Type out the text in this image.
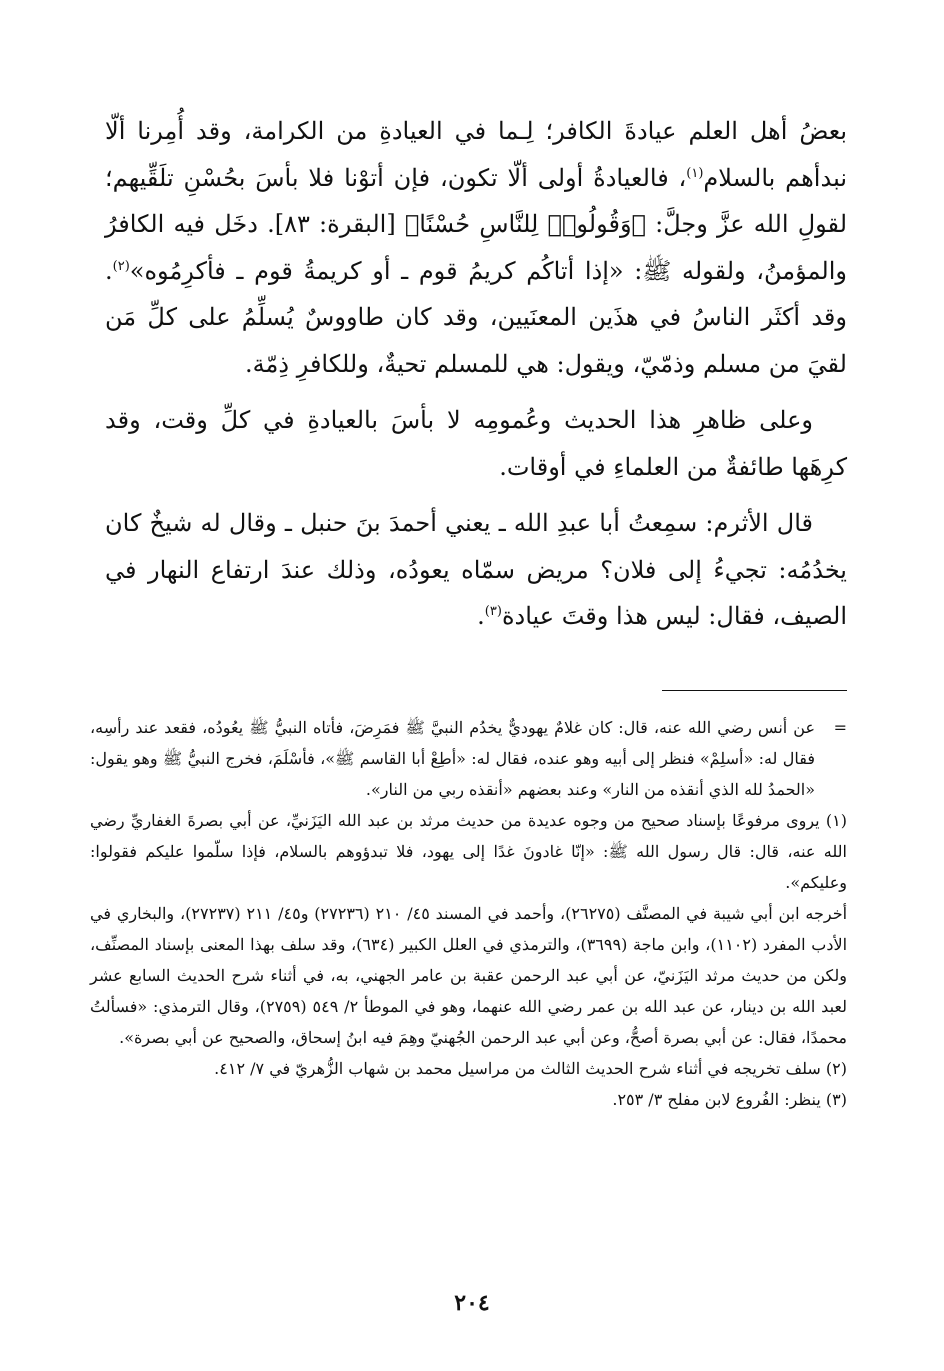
بعضُ أهل العلم عيادةَ الكافر؛ لِـما في العيادةِ من الكرامة، وقد أُمِرنا ألّا نبدأهم بالسلام$^{(١)}$، فالعيادةُ أولى ألّا تكون، فإن أتوْنا فلا بأسَ بحُسْنِ تلَقِّيهم؛ لقولِ الله عزَّ وجلَّ: ﴿وَقُولُوا۟ لِلنَّاسِ حُسْنًا﴾ [البقرة: ٨٣]. دخَل فيه الكافرُ والمؤمنُ، ولقوله ﷺ: «إذا أتاكُم كريمُ قوم ـ أو كريمةُ قوم ـ فأكرِمُوه»$^{(٢)}$. وقد أكثَر الناسُ في هذَين المعنَيين، وقد كان طاووسٌ يُسلِّمُ على كلِّ مَن لقيَ من مسلم وذمّيّ، ويقول: هي للمسلم تحيةٌ، وللكافرِ ذِمّة.

وعلى ظاهرِ هذا الحديث وعُمومِه لا بأسَ بالعيادةِ في كلِّ وقت، وقد كرِهَها طائفةٌ من العلماءِ في أوقات.

قال الأثرم: سمِعتُ أبا عبدِ الله ـ يعني أحمدَ بنَ حنبل ـ وقال له شيخٌ كان يخدُمُه: تجيءُ إلى فلان؟ مريض سمّاه يعودُه، وذلك عندَ ارتفاع النهار في الصيف، فقال: ليس هذا وقتَ عيادة$^{(٣)}$.

=
عن أنس رضي الله عنه، قال: كان غلامٌ يهوديٌّ يخدُم النبيَّ ﷺ فمَرِضَ، فأتاه النبيُّ ﷺ يعُودُه، فقعد عند رأسِه، فقال له: «أسلِمْ» فنظر إلى أبيه وهو عنده، فقال له: «أطِعْ أبا القاسم ﷺ»، فأسْلَمَ، فخرج النبيُّ ﷺ وهو يقول: «الحمدُ لله الذي أنقذه من النار» وعند بعضهم «أنقذه ربي من النار».

(١) يروى مرفوعًا بإسناد صحيح من وجوه عديدة من حديث مرثد بن عبد الله اليَزَنيِّ، عن أبي بصرةَ الغفاريِّ رضي الله عنه، قال: قال رسول الله ﷺ: «إنّا غادونَ غدًا إلى يهود، فلا تبدؤوهم بالسلام، فإذا سلّموا عليكم فقولوا: وعليكم».

أخرجه ابن أبي شيبة في المصنَّف (٢٦٢٧٥)، وأحمد في المسند ٤٥/ ٢١٠ (٢٧٢٣٦) و٤٥/ ٢١١ (٢٧٢٣٧)، والبخاري في الأدب المفرد (١١٠٢)، وابن ماجة (٣٦٩٩)، والترمذي في العلل الكبير (٦٣٤)، وقد سلف بهذا المعنى بإسناد المصنِّف، ولكن من حديث مرثد اليَزَنيّ، عن أبي عبد الرحمن عقبة بن عامر الجهني، به، في أثناء شرح الحديث السابع عشر لعبد الله بن دينار، عن عبد الله بن عمر رضي الله عنهما، وهو في الموطأ ٢/ ٥٤٩ (٢٧٥٩)، وقال الترمذي: «فسألتُ محمدًا، فقال: عن أبي بصرة أصحُّ، وعن أبي عبد الرحمن الجُهنيّ وهِمَ فيه ابنُ إسحاق، والصحيح عن أبي بصرة».

(٢) سلف تخريجه في أثناء شرح الحديث الثالث من مراسيل محمد بن شهاب الزُّهريّ في ٧/ ٤١٢.

(٣) ينظر: الفُروع لابن مفلح ٣/ ٢٥٣.

٢٠٤
